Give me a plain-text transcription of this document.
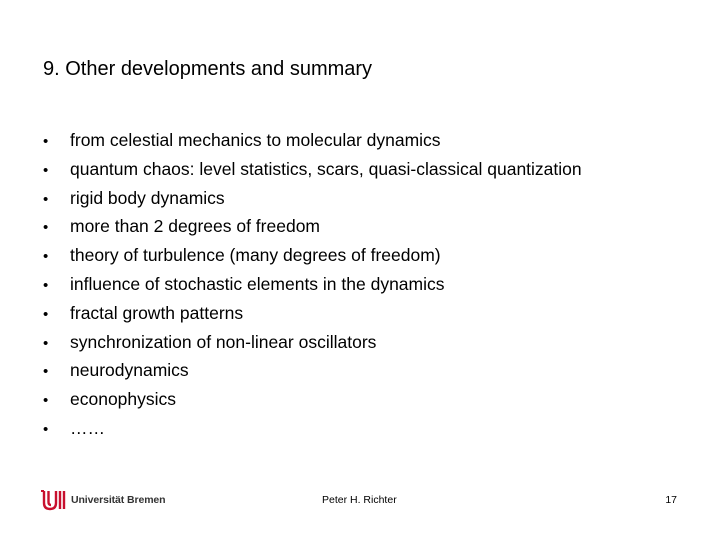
9. Other developments and summary
•	from celestial mechanics to molecular dynamics
•	quantum chaos: level statistics, scars, quasi-classical quantization
•	rigid body dynamics
•	more than 2 degrees of freedom
•	theory of turbulence (many degrees of freedom)
•	influence of stochastic elements in the dynamics
•	fractal growth patterns
•	synchronization of non-linear oscillators
•	neurodynamics
•	econophysics
•	……
Universität Bremen	Peter H. Richter	17
